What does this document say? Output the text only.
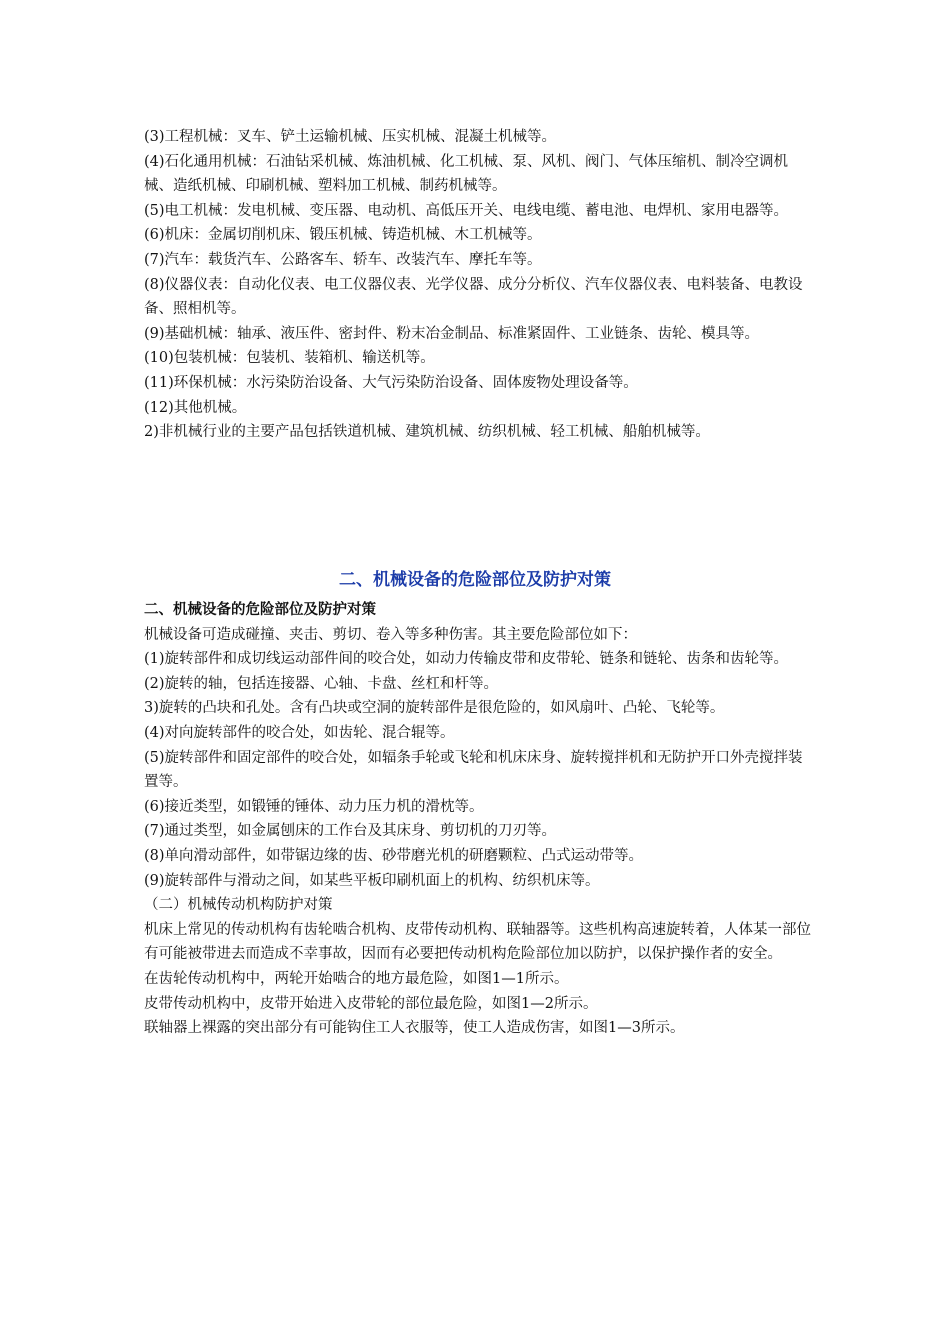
(3)工程机械：叉车、铲土运输机械、压实机械、混凝土机械等。

(4)石化通用机械：石油钻采机械、炼油机械、化工机械、泵、风机、阀门、气体压缩机、制冷空调机械、造纸机械、印刷机械、塑料加工机械、制药机械等。

(5)电工机械：发电机械、变压器、电动机、高低压开关、电线电缆、蓄电池、电焊机、家用电器等。

(6)机床：金属切削机床、锻压机械、铸造机械、木工机械等。

(7)汽车：载货汽车、公路客车、轿车、改装汽车、摩托车等。

(8)仪器仪表：自动化仪表、电工仪器仪表、光学仪器、成分分析仪、汽车仪器仪表、电料装备、电教设备、照相机等。

(9)基础机械：轴承、液压件、密封件、粉末冶金制品、标准紧固件、工业链条、齿轮、模具等。

(10)包装机械：包装机、装箱机、输送机等。

(11)环保机械：水污染防治设备、大气污染防治设备、固体废物处理设备等。

(12)其他机械。

2)非机械行业的主要产品包括铁道机械、建筑机械、纺织机械、轻工机械、船舶机械等。

二、机械设备的危险部位及防护对策

二、机械设备的危险部位及防护对策

机械设备可造成碰撞、夹击、剪切、卷入等多种伤害。其主要危险部位如下：

(1)旋转部件和成切线运动部件间的咬合处，如动力传输皮带和皮带轮、链条和链轮、齿条和齿轮等。

(2)旋转的轴，包括连接器、心轴、卡盘、丝杠和杆等。

3)旋转的凸块和孔处。含有凸块或空洞的旋转部件是很危险的，如风扇叶、凸轮、飞轮等。

(4)对向旋转部件的咬合处，如齿轮、混合辊等。

(5)旋转部件和固定部件的咬合处，如辐条手轮或飞轮和机床床身、旋转搅拌机和无防护开口外壳搅拌装置等。

(6)接近类型，如锻锤的锤体、动力压力机的滑枕等。

(7)通过类型，如金属刨床的工作台及其床身、剪切机的刀刃等。

(8)单向滑动部件，如带锯边缘的齿、砂带磨光机的研磨颗粒、凸式运动带等。

(9)旋转部件与滑动之间，如某些平板印刷机面上的机构、纺织机床等。

（二）机械传动机构防护对策

机床上常见的传动机构有齿轮啮合机构、皮带传动机构、联轴器等。这些机构高速旋转着，人体某一部位有可能被带进去而造成不幸事故，因而有必要把传动机构危险部位加以防护，以保护操作者的安全。

在齿轮传动机构中，两轮开始啮合的地方最危险，如图1—1所示。

皮带传动机构中，皮带开始进入皮带轮的部位最危险，如图1—2所示。

联轴器上裸露的突出部分有可能钩住工人衣服等，使工人造成伤害，如图1—3所示。
